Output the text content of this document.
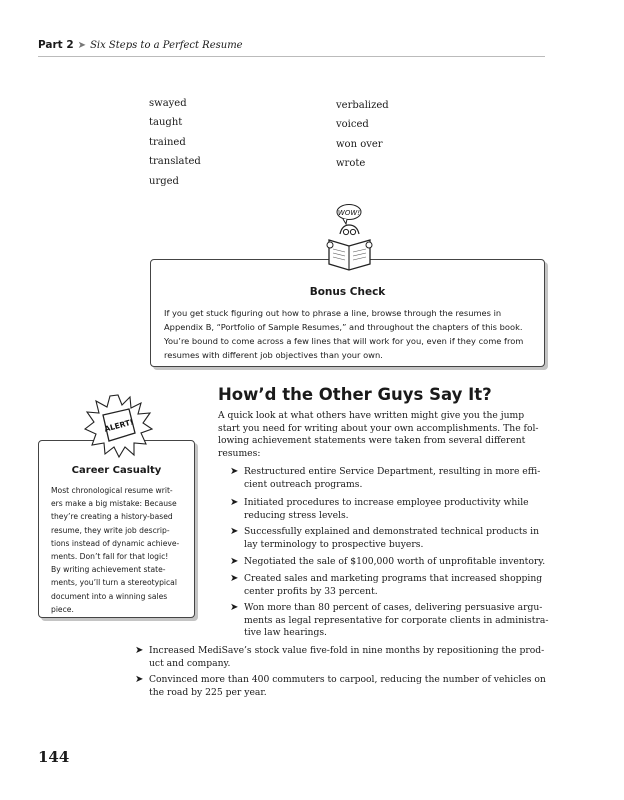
Part 2 ➤ Six Steps to a Perfect Resume
swayed
taught
trained
translated
urged
verbalized
voiced
won over
wrote
Bonus Check
If you get stuck figuring out how to phrase a line, browse through the resumes in
Appendix B, “Portfolio of Sample Resumes,” and throughout the chapters of this book.
You’re bound to come across a few lines that will work for you, even if they come from
resumes with different job objectives than your own.
WOW!
Career Casualty
Most chronological resume writ-
ers make a big mistake: Because
they’re creating a history-based
resume, they write job descrip-
tions instead of dynamic achieve-
ments. Don’t fall for that logic!
By writing achievement state-
ments, you’ll turn a stereotypical
document into a winning sales
piece.
ALERT!
How’d the Other Guys Say It?
A quick look at what others have written might give you the jump
start you need for writing about your own accomplishments. The fol-
lowing achievement statements were taken from several different
resumes:
➤ Restructured entire Service Department, resulting in more effi-
cient outreach programs.
➤ Initiated procedures to increase employee productivity while
reducing stress levels.
➤ Successfully explained and demonstrated technical products in
lay terminology to prospective buyers.
➤ Negotiated the sale of $100,000 worth of unprofitable inventory.
➤ Created sales and marketing programs that increased shopping
center profits by 33 percent.
➤ Won more than 80 percent of cases, delivering persuasive argu-
ments as legal representative for corporate clients in administra-
tive law hearings.
➤ Increased MediSave’s stock value five-fold in nine months by repositioning the prod-
uct and company.
➤ Convinced more than 400 commuters to carpool, reducing the number of vehicles on
the road by 225 per year.
144
